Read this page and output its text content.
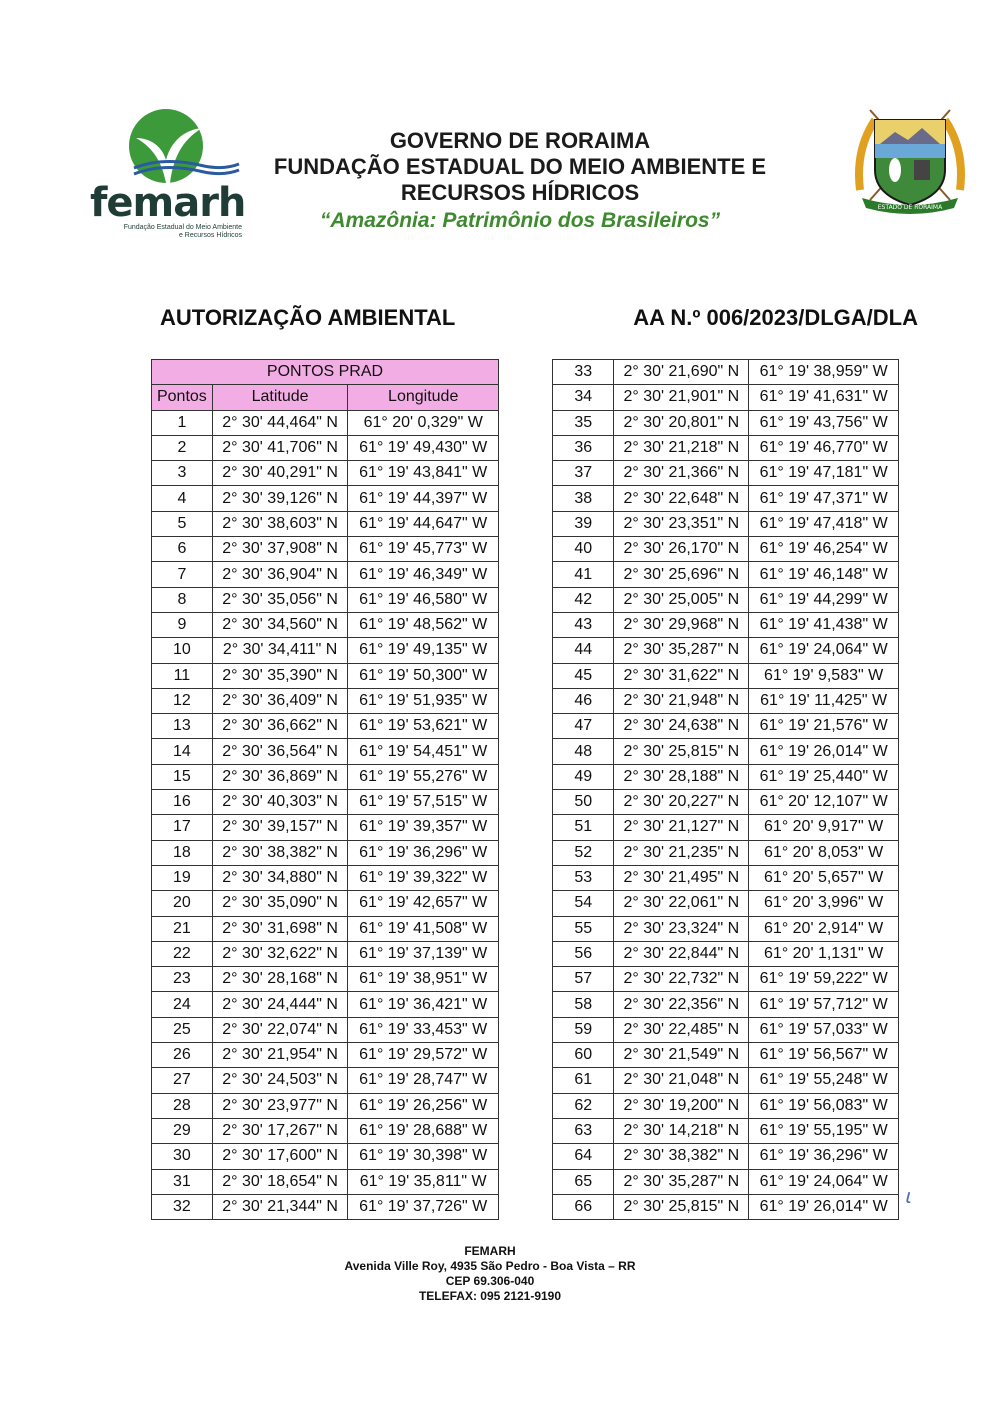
femarh
Fundação Estadual do Meio Ambiente
e Recursos Hídricos
GOVERNO DE RORAIMA
FUNDAÇÃO ESTADUAL DO MEIO AMBIENTE E
RECURSOS HÍDRICOS
“Amazônia: Patrimônio dos Brasileiros”
ESTADO DE RORAIMA
AUTORIZAÇÃO AMBIENTAL	AA N.º 006/2023/DLGA/DLA
PONTOS PRAD		
Pontos	Latitude	Longitude
1	2° 30' 44,464" N	61° 20' 0,329" W
2	2° 30' 41,706" N	61° 19' 49,430" W
3	2° 30' 40,291" N	61° 19' 43,841" W
4	2° 30' 39,126" N	61° 19' 44,397" W
5	2° 30' 38,603" N	61° 19' 44,647" W
6	2° 30' 37,908" N	61° 19' 45,773" W
7	2° 30' 36,904" N	61° 19' 46,349" W
8	2° 30' 35,056" N	61° 19' 46,580" W
9	2° 30' 34,560" N	61° 19' 48,562" W
10	2° 30' 34,411" N	61° 19' 49,135" W
11	2° 30' 35,390" N	61° 19' 50,300" W
12	2° 30' 36,409" N	61° 19' 51,935" W
13	2° 30' 36,662" N	61° 19' 53,621" W
14	2° 30' 36,564" N	61° 19' 54,451" W
15	2° 30' 36,869" N	61° 19' 55,276" W
16	2° 30' 40,303" N	61° 19' 57,515" W
17	2° 30' 39,157" N	61° 19' 39,357" W
18	2° 30' 38,382" N	61° 19' 36,296" W
19	2° 30' 34,880" N	61° 19' 39,322" W
20	2° 30' 35,090" N	61° 19' 42,657" W
21	2° 30' 31,698" N	61° 19' 41,508" W
22	2° 30' 32,622" N	61° 19' 37,139" W
23	2° 30' 28,168" N	61° 19' 38,951" W
24	2° 30' 24,444" N	61° 19' 36,421" W
25	2° 30' 22,074" N	61° 19' 33,453" W
26	2° 30' 21,954" N	61° 19' 29,572" W
27	2° 30' 24,503" N	61° 19' 28,747" W
28	2° 30' 23,977" N	61° 19' 26,256" W
29	2° 30' 17,267" N	61° 19' 28,688" W
30	2° 30' 17,600" N	61° 19' 30,398" W
31	2° 30' 18,654" N	61° 19' 35,811" W
32	2° 30' 21,344" N	61° 19' 37,726" W
33	2° 30' 21,690" N	61° 19' 38,959" W
34	2° 30' 21,901" N	61° 19' 41,631" W
35	2° 30' 20,801" N	61° 19' 43,756" W
36	2° 30' 21,218" N	61° 19' 46,770" W
37	2° 30' 21,366" N	61° 19' 47,181" W
38	2° 30' 22,648" N	61° 19' 47,371" W
39	2° 30' 23,351" N	61° 19' 47,418" W
40	2° 30' 26,170" N	61° 19' 46,254" W
41	2° 30' 25,696" N	61° 19' 46,148" W
42	2° 30' 25,005" N	61° 19' 44,299" W
43	2° 30' 29,968" N	61° 19' 41,438" W
44	2° 30' 35,287" N	61° 19' 24,064" W
45	2° 30' 31,622" N	61° 19' 9,583" W
46	2° 30' 21,948" N	61° 19' 11,425" W
47	2° 30' 24,638" N	61° 19' 21,576" W
48	2° 30' 25,815" N	61° 19' 26,014" W
49	2° 30' 28,188" N	61° 19' 25,440" W
50	2° 30' 20,227" N	61° 20' 12,107" W
51	2° 30' 21,127" N	61° 20' 9,917" W
52	2° 30' 21,235" N	61° 20' 8,053" W
53	2° 30' 21,495" N	61° 20' 5,657" W
54	2° 30' 22,061" N	61° 20' 3,996" W
55	2° 30' 23,324" N	61° 20' 2,914" W
56	2° 30' 22,844" N	61° 20' 1,131" W
57	2° 30' 22,732" N	61° 19' 59,222" W
58	2° 30' 22,356" N	61° 19' 57,712" W
59	2° 30' 22,485" N	61° 19' 57,033" W
60	2° 30' 21,549" N	61° 19' 56,567" W
61	2° 30' 21,048" N	61° 19' 55,248" W
62	2° 30' 19,200" N	61° 19' 56,083" W
63	2° 30' 14,218" N	61° 19' 55,195" W
64	2° 30' 38,382" N	61° 19' 36,296" W
65	2° 30' 35,287" N	61° 19' 24,064" W
66	2° 30' 25,815" N	61° 19' 26,014" W ꙇ
FEMARH
Avenida Ville Roy, 4935 São Pedro - Boa Vista – RR
CEP 69.306-040
TELEFAX: 095 2121-9190
